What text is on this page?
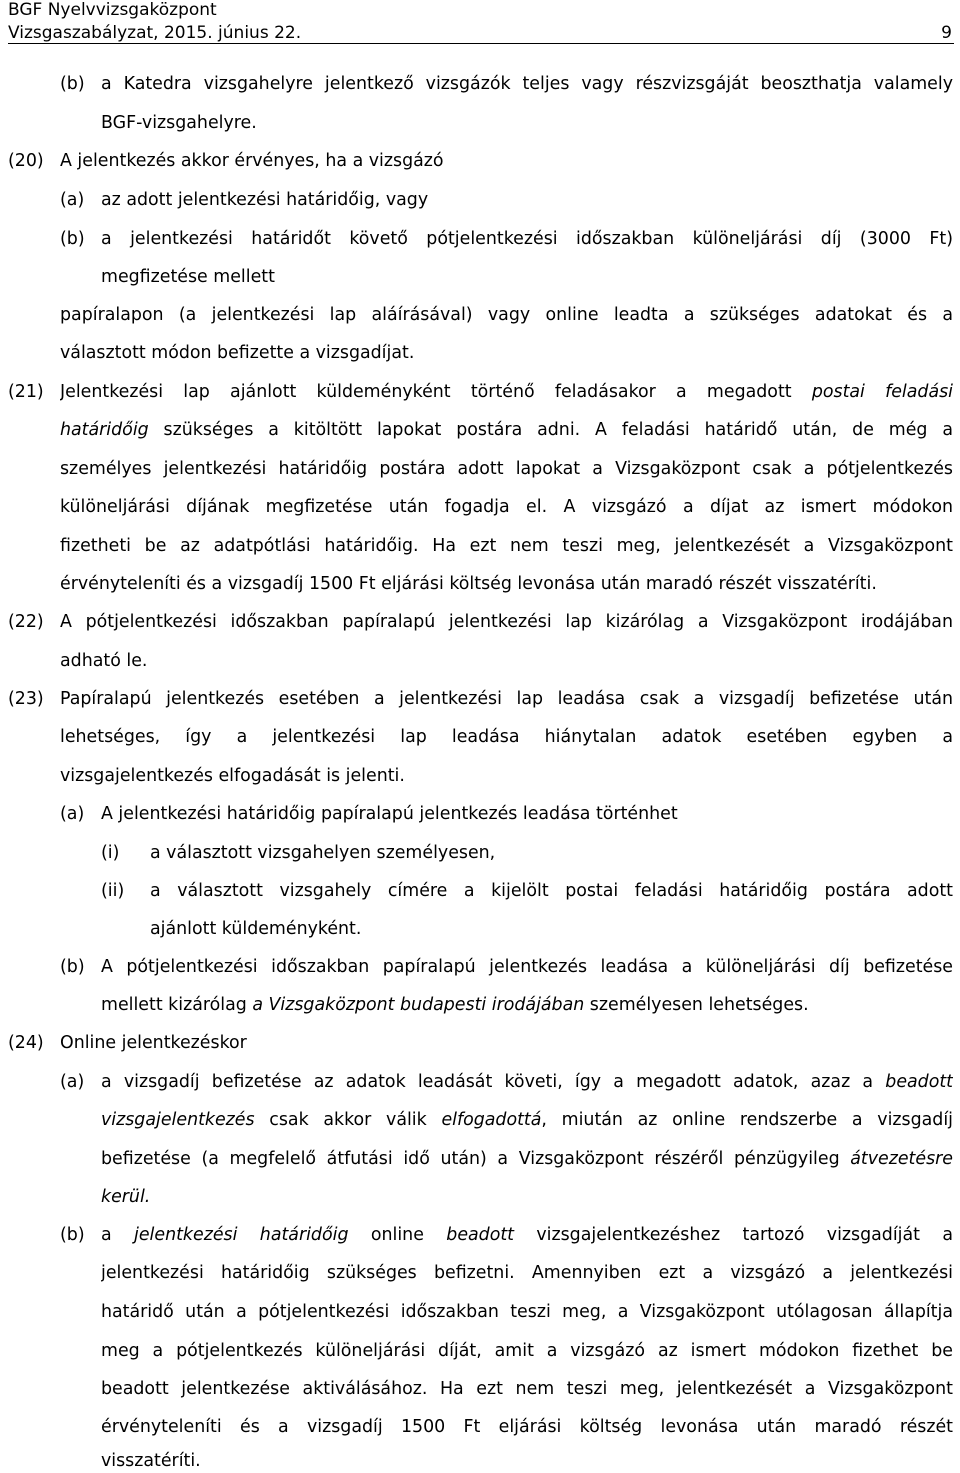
BGF Nyelvvizsgaközpont
Vizsgaszabályzat, 2015. június 22.	9
(b) a Katedra vizsgahelyre jelentkező vizsgázók teljes vagy részvizsgáját beoszthatja valamely
BGF-vizsgahelyre.
(20) A jelentkezés akkor érvényes, ha a vizsgázó
(a) az adott jelentkezési határidőig, vagy
(b) a jelentkezési határidőt követő pótjelentkezési időszakban különeljárási díj (3000 Ft)
megfizetése mellett
papíralapon (a jelentkezési lap aláírásával) vagy online leadta a szükséges adatokat és a
választott módon befizette a vizsgadíjat.
(21) Jelentkezési lap ajánlott küldeményként történő feladásakor a megadott postai feladási
határidőig szükséges a kitöltött lapokat postára adni. A feladási határidő után, de még a
személyes jelentkezési határidőig postára adott lapokat a Vizsgaközpont csak a pótjelentkezés
különeljárási díjának megfizetése után fogadja el. A vizsgázó a díjat az ismert módokon
fizetheti be az adatpótlási határidőig. Ha ezt nem teszi meg, jelentkezését a Vizsgaközpont
érvényteleníti és a vizsgadíj 1500 Ft eljárási költség levonása után maradó részét visszatéríti.
(22) A pótjelentkezési időszakban papíralapú jelentkezési lap kizárólag a Vizsgaközpont irodájában
adható le.
(23) Papíralapú jelentkezés esetében a jelentkezési lap leadása csak a vizsgadíj befizetése után
lehetséges, így a jelentkezési lap leadása hiánytalan adatok esetében egyben a
vizsgajelentkezés elfogadását is jelenti.
(a) A jelentkezési határidőig papíralapú jelentkezés leadása történhet
(i) a választott vizsgahelyen személyesen,
(ii) a választott vizsgahely címére a kijelölt postai feladási határidőig postára adott
ajánlott küldeményként.
(b) A pótjelentkezési időszakban papíralapú jelentkezés leadása a különeljárási díj befizetése
mellett kizárólag a Vizsgaközpont budapesti irodájában személyesen lehetséges.
(24) Online jelentkezéskor
(a) a vizsgadíj befizetése az adatok leadását követi, így a megadott adatok, azaz a beadott
vizsgajelentkezés csak akkor válik elfogadottá, miután az online rendszerbe a vizsgadíj
befizetése (a megfelelő átfutási idő után) a Vizsgaközpont részéről pénzügyileg átvezetésre
kerül.
(b) a jelentkezési határidőig online beadott vizsgajelentkezéshez tartozó vizsgadíját a
jelentkezési határidőig szükséges befizetni. Amennyiben ezt a vizsgázó a jelentkezési
határidő után a pótjelentkezési időszakban teszi meg, a Vizsgaközpont utólagosan állapítja
meg a pótjelentkezés különeljárási díját, amit a vizsgázó az ismert módokon fizethet be
beadott jelentkezése aktiválásához. Ha ezt nem teszi meg, jelentkezését a Vizsgaközpont
érvényteleníti és a vizsgadíj 1500 Ft eljárási költség levonása után maradó részét
visszatéríti.
